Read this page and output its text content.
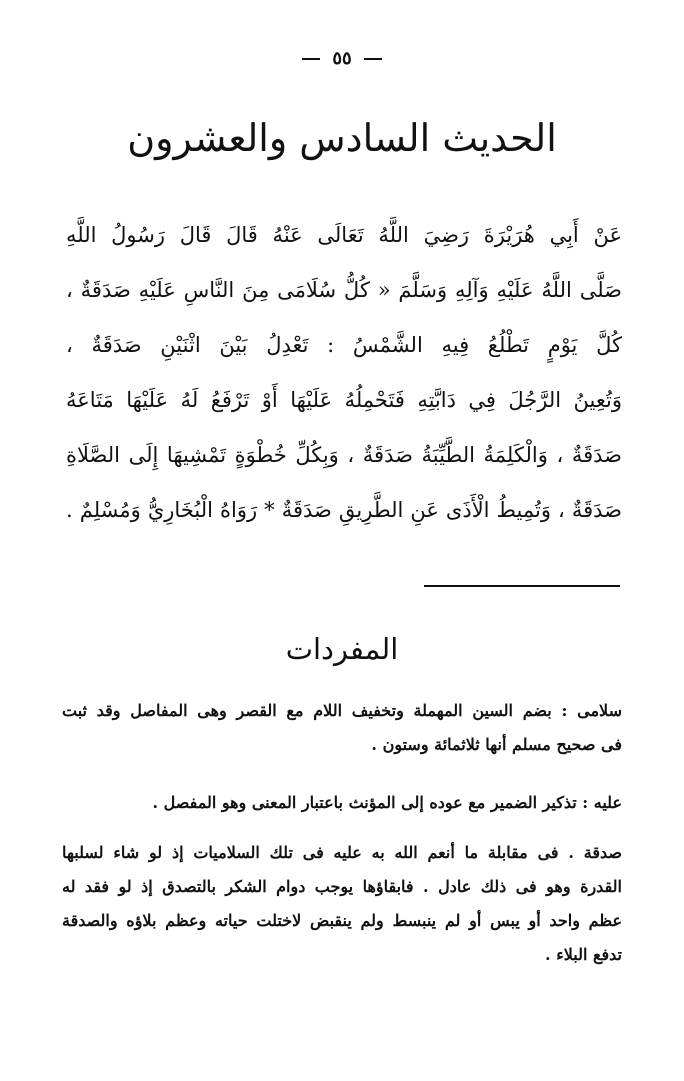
٥٥
الحديث السادس والعشرون
عَنْ أَبِي هُرَيْرَةَ رَضِيَ اللَّهُ تَعَالَى عَنْهُ قَالَ قَالَ رَسُولُ اللَّهِ
صَلَّى اللَّهُ عَلَيْهِ وَآلِهِ وَسَلَّمَ « كُلُّ سُلَامَى مِنَ النَّاسِ عَلَيْهِ صَدَقَةٌ ،
كُلَّ يَوْمٍ تَطْلُعُ فِيهِ الشَّمْسُ : تَعْدِلُ بَيْنَ اثْنَيْنِ صَدَقَةٌ ،
وَتُعِينُ الرَّجُلَ فِي دَابَّتِهِ فَتَحْمِلُهُ عَلَيْهَا أَوْ تَرْفَعُ لَهُ عَلَيْهَا مَتَاعَهُ
صَدَقَةٌ ، وَالْكَلِمَةُ الطَّيِّبَةُ صَدَقَةٌ ، وَبِكُلِّ خُطْوَةٍ تَمْشِيهَا إِلَى الصَّلَاةِ
صَدَقَةٌ ، وَتُمِيطُ الْأَذَى عَنِ الطَّرِيقِ صَدَقَةٌ * رَوَاهُ الْبُخَارِيُّ وَمُسْلِمٌ .
المفردات
سلامى : بضم السين المهملة وتخفيف اللام مع القصر وهى المفاصل وقد ثبت
فى صحيح مسلم أنها ثلاثمائة وستون .
عليه : تذكير الضمير مع عوده إلى المؤنث باعتبار المعنى وهو المفصل .
صدقة . فى مقابلة ما أنعم الله به عليه فى تلك السلاميات إذ لو شاء لسلبها
القدرة وهو فى ذلك عادل . فابقاؤها يوجب دوام الشكر بالتصدق إذ لو فقد له
عظم واحد أو يبس أو لم ينبسط ولم ينقبض لاختلت حياته وعظم بلاؤه والصدقة
تدفع البلاء .
